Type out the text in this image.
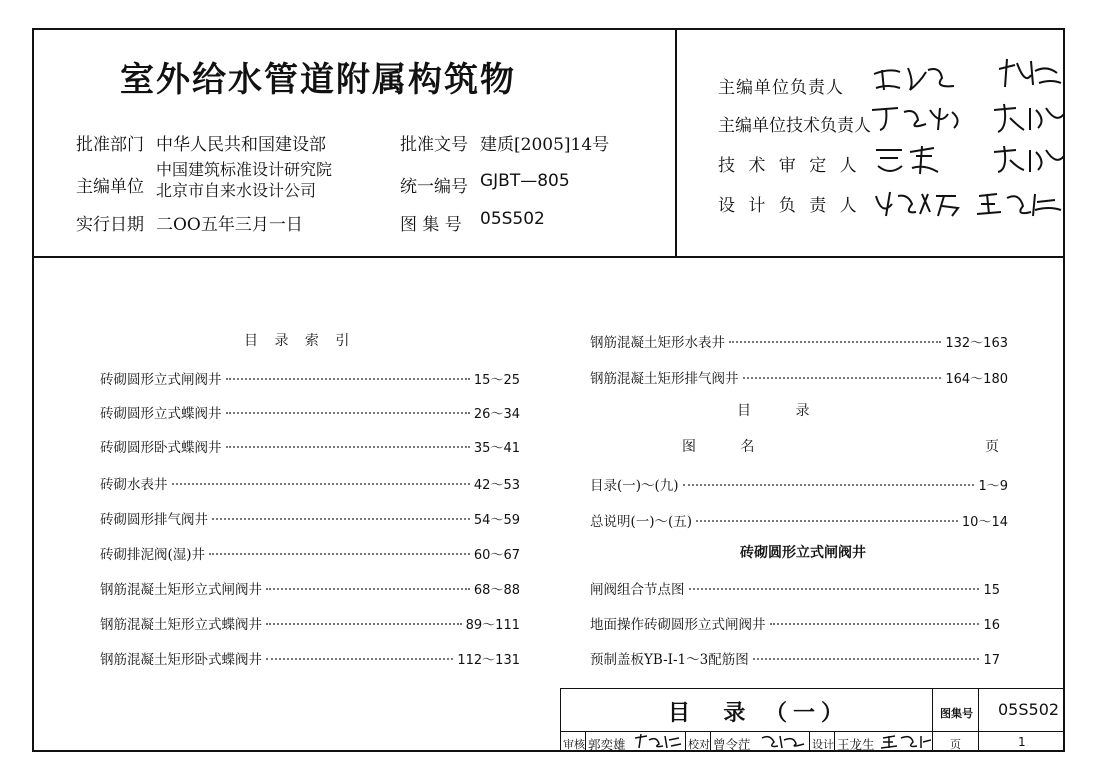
室外给水管道附属构筑物
批准部门 中华人民共和国建设部
主编单位
中国建筑标准设计研究院
北京市自来水设计公司
实行日期 二OO五年三月一日
批准文号 建质[2005]14号
统一编号 GJBT—805
图 集 号 05S502
主编单位负责人
主编单位技术负责人
技 术 审 定 人
设 计 负 责 人
目 录 索 引
砖砌圆形立式闸阀井	15～25
砖砌圆形立式蝶阀井	26～34
砖砌圆形卧式蝶阀井	35～41
砖砌水表井	42～53
砖砌圆形排气阀井	54～59
砖砌排泥阀(湿)井	60～67
钢筋混凝土矩形立式闸阀井	68～88
钢筋混凝土矩形立式蝶阀井	89～111
钢筋混凝土矩形卧式蝶阀井	112～131
钢筋混凝土矩形水表井	132～163
钢筋混凝土矩形排气阀井	164～180
目          录
图          名	页
目录(一)～(九)	1～9
总说明(一)～(五)	10～14
砖砌圆形立式闸阀井
闸阀组合节点图	15
地面操作砖砌圆形立式闸阀井	16
预制盖板YB-Ⅰ-1～3配筋图	17
目  录 （一）	图集号 05S502
审核 郭奕雄	校对 曾令茳	设计 王龙生	页	1
